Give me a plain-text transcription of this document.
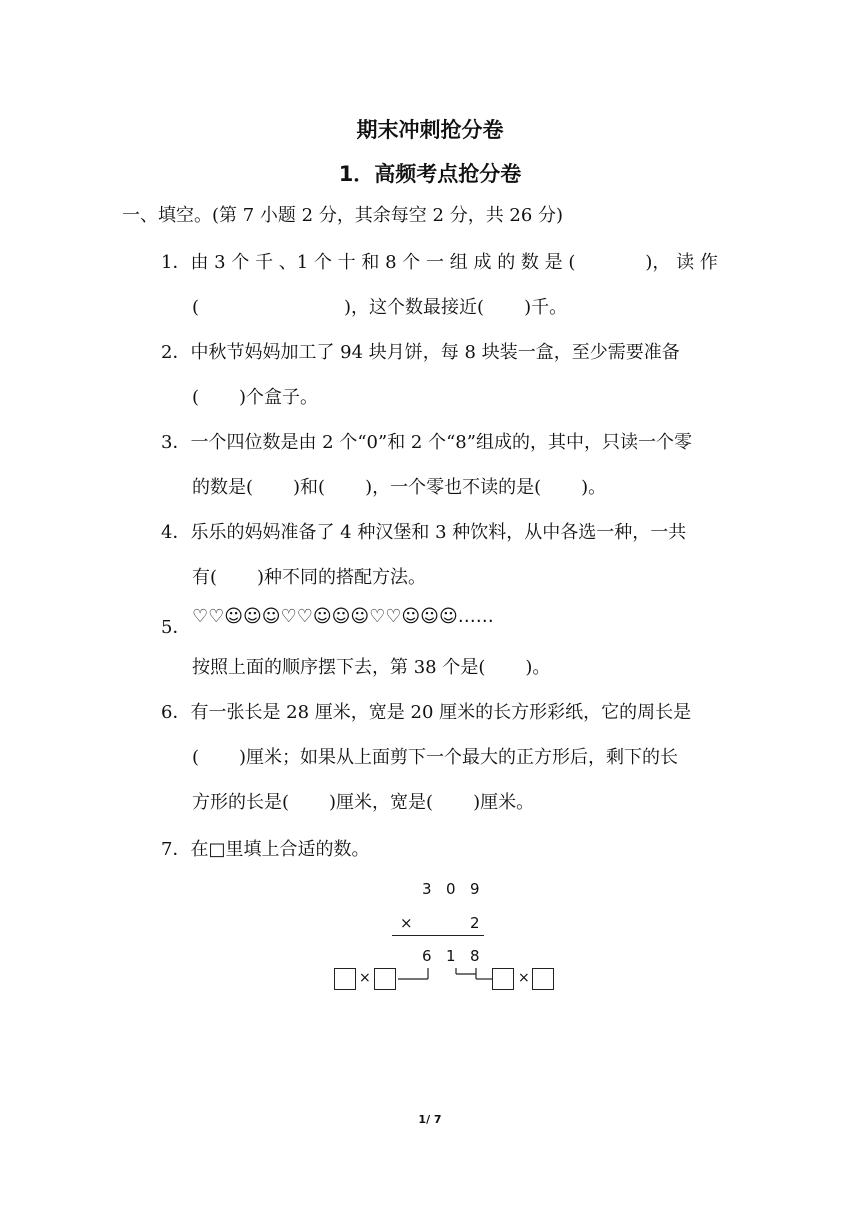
期末冲刺抢分卷
1．高频考点抢分卷
一、填空。(第 7 小题 2 分，其余每空 2 分，共 26 分)
1．由 3 个 千 、1 个 十 和 8 个 一 组 成 的 数 是 (	)， 读 作
(	)，这个数最接近( )千。
2．中秋节妈妈加工了 94 块月饼，每 8 块装一盒，至少需要准备
( )个盒子。
3．一个四位数是由 2 个“0”和 2 个“8”组成的，其中，只读一个零
的数是( )和( )，一个零也不读的是( )。
4．乐乐的妈妈准备了 4 种汉堡和 3 种饮料，从中各选一种，一共
有( )种不同的搭配方法。
5．
♡♡☺☺☺♡♡☺☺☺♡♡☺☺☺……
按照上面的顺序摆下去，第 38 个是( )。
6．有一张长是 28 厘米，宽是 20 厘米的长方形彩纸，它的周长是
( )厘米；如果从上面剪下一个最大的正方形后，剩下的长
方形的长是( )厘米，宽是( )厘米。
7．在□里填上合适的数。
3 0 9
×	2
6 1 8
×	×
1/ 7
